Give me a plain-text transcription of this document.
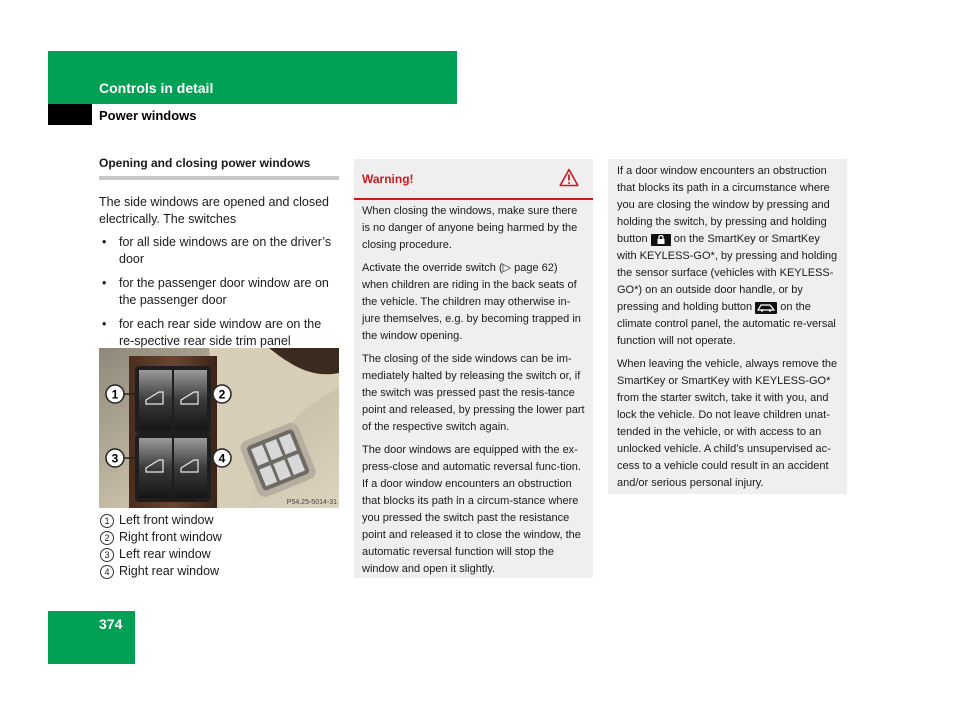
Controls in detail
Power windows
Opening and closing power windows
The side windows are opened and closed electrically. The switches
• for all side windows are on the driver’s door
• for the passenger door window are on the passenger door
• for each rear side window are on the re-spective rear side trim panel
1	2
3	4
P54.25-5014-31
1 Left front window
2 Right front window
3 Left rear window
4 Right rear window
Warning!

When closing the windows, make sure there is no danger of anyone being harmed by the closing procedure.

Activate the override switch (▷ page 62) when children are riding in the back seats of the vehicle. The children may otherwise in-jure themselves, e.g. by becoming trapped in the window opening.

The closing of the side windows can be im-mediately halted by releasing the switch or, if the switch was pressed past the resis-tance point and released, by pressing the lower part of the respective switch again.

The door windows are equipped with the ex-press-close and automatic reversal func-tion. If a door window encounters an obstruction that blocks its path in a circum-stance where you pressed the switch past the resistance point and released it to close the window, the automatic reversal function will stop the window and open it slightly.

If a door window encounters an obstruction that blocks its path in a circumstance where you are closing the window by pressing and holding the switch, by pressing and holding button on the SmartKey or SmartKey with KEYLESS-GO*, by pressing and holding the sensor surface (vehicles with KEYLESS-GO*) on an outside door handle, or by pressing and holding button	on the climate control panel, the automatic re-versal function will not operate.

When leaving the vehicle, always remove the SmartKey or SmartKey with KEYLESS-GO* from the starter switch, take it with you, and lock the vehicle. Do not leave children unat-tended in the vehicle, or with access to an unlocked vehicle. A child’s unsupervised ac-cess to a vehicle could result in an accident and/or serious personal injury.

374
